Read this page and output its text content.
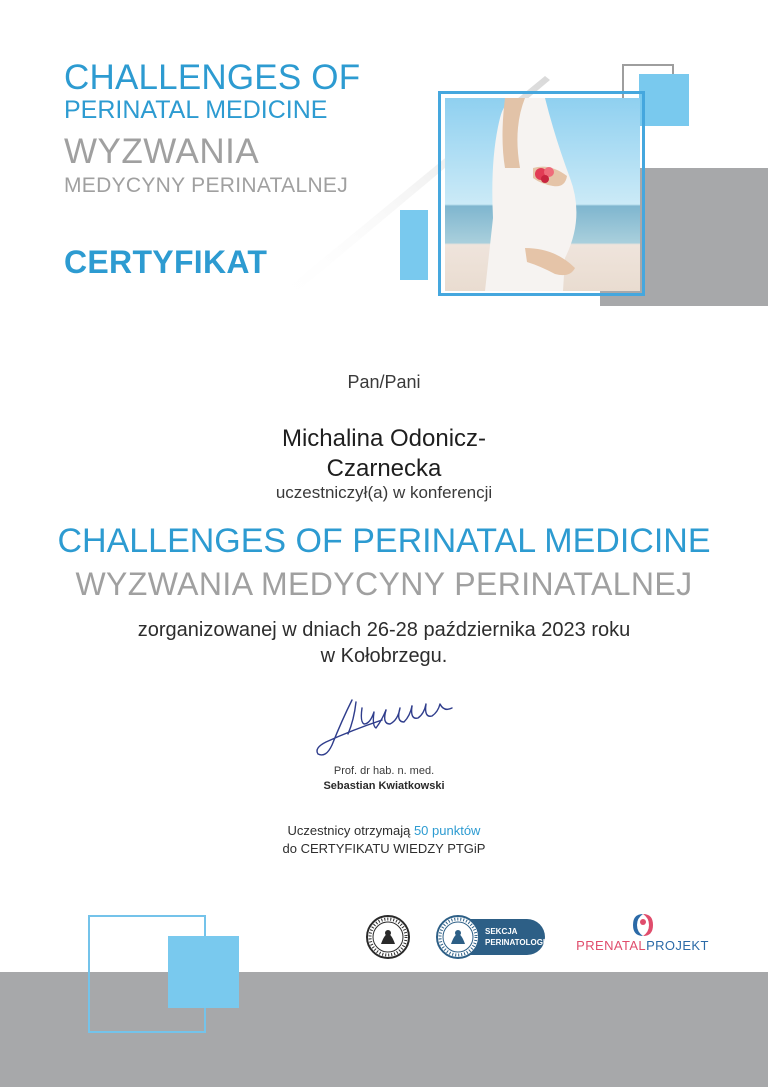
CHALLENGES OF
PERINATAL MEDICINE
WYZWANIA
MEDYCYNY PERINATALNEJ
CERTYFIKAT
Pan/Pani
Michalina Odonicz-
Czarnecka
uczestniczył(a) w konferencji
CHALLENGES OF PERINATAL MEDICINE
WYZWANIA MEDYCYNY PERINATALNEJ
zorganizowanej w dniach 26-28 października 2023 roku
w Kołobrzegu.
Prof. dr hab. n. med.
Sebastian Kwiatkowski
Uczestnicy otrzymają 50 punktów
do CERTYFIKATU WIEDZY PTGiP
SEKCJA
PERINATOLOGII PRENATALPROJEKT
